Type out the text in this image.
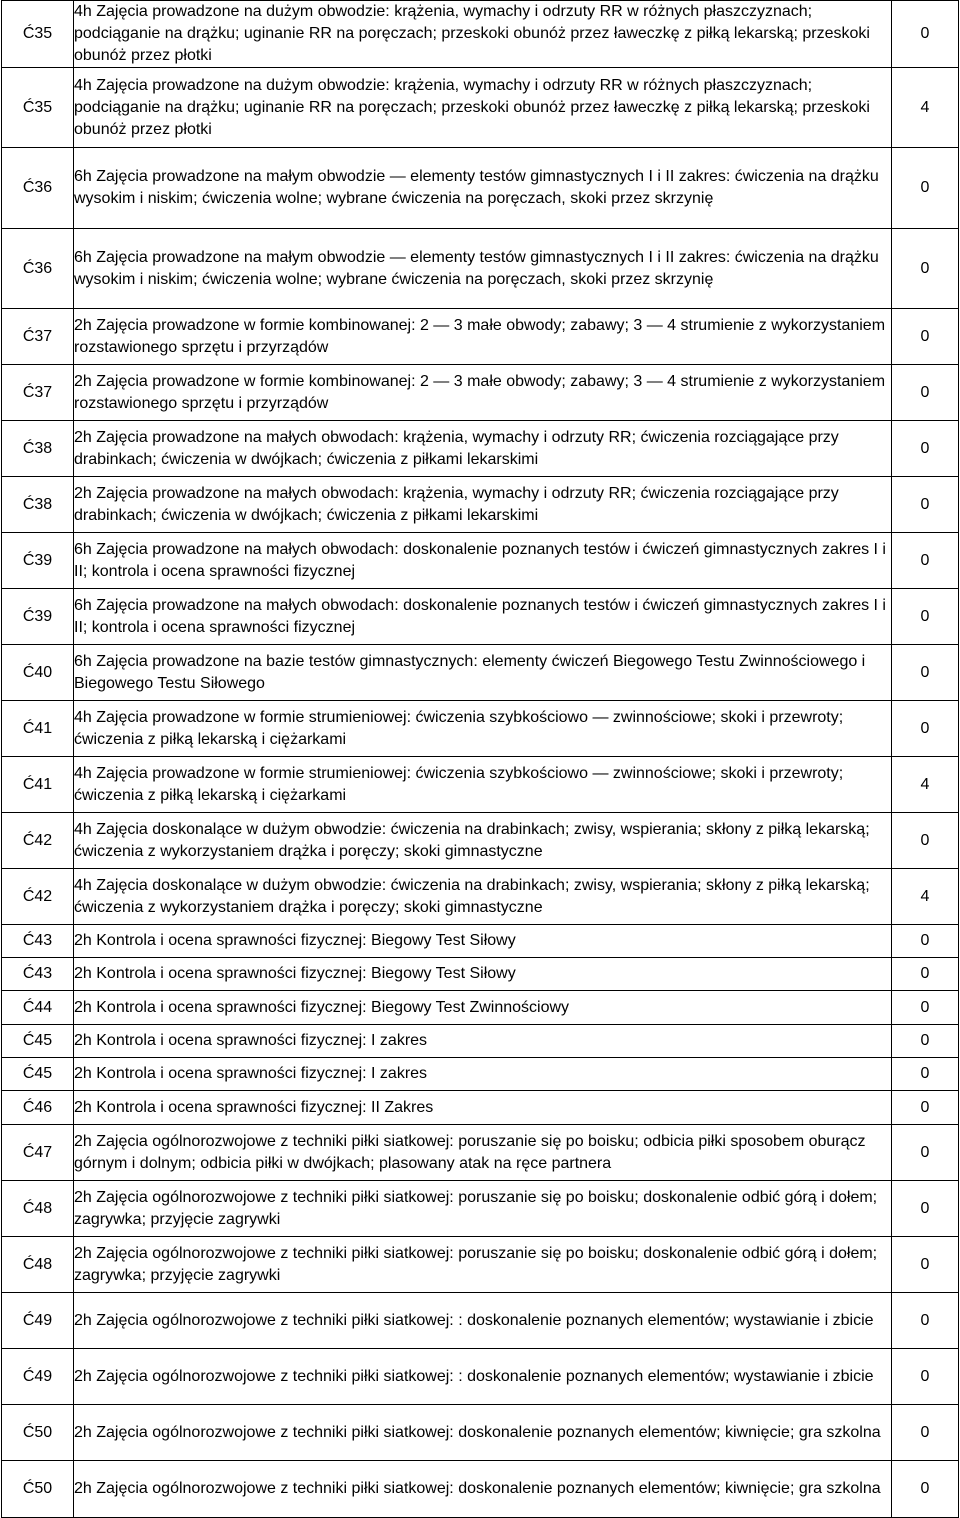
Ć35	4h Zajęcia prowadzone na dużym obwodzie: krążenia, wymachy i odrzuty RR w różnych płaszczyznach; podciąganie na drążku; uginanie RR na poręczach; przeskoki obunóż przez ławeczkę z piłką lekarską; przeskoki obunóż przez płotki	0
Ć35	4h Zajęcia prowadzone na dużym obwodzie: krążenia, wymachy i odrzuty RR w różnych płaszczyznach; podciąganie na drążku; uginanie RR na poręczach; przeskoki obunóż przez ławeczkę z piłką lekarską; przeskoki obunóż przez płotki	4
Ć36	6h Zajęcia prowadzone na małym obwodzie — elementy testów gimnastycznych I i II zakres: ćwiczenia na drążku wysokim i niskim; ćwiczenia wolne; wybrane ćwiczenia na poręczach, skoki przez skrzynię	0
Ć36	6h Zajęcia prowadzone na małym obwodzie — elementy testów gimnastycznych I i II zakres: ćwiczenia na drążku wysokim i niskim; ćwiczenia wolne; wybrane ćwiczenia na poręczach, skoki przez skrzynię	0
Ć37	2h Zajęcia prowadzone w formie kombinowanej: 2 — 3 małe obwody; zabawy; 3 — 4 strumienie z wykorzystaniem rozstawionego sprzętu i przyrządów	0
Ć37	2h Zajęcia prowadzone w formie kombinowanej: 2 — 3 małe obwody; zabawy; 3 — 4 strumienie z wykorzystaniem rozstawionego sprzętu i przyrządów	0
Ć38	2h Zajęcia prowadzone na małych obwodach: krążenia, wymachy i odrzuty RR; ćwiczenia rozciągające przy drabinkach; ćwiczenia w dwójkach; ćwiczenia z piłkami lekarskimi	0
Ć38	2h Zajęcia prowadzone na małych obwodach: krążenia, wymachy i odrzuty RR; ćwiczenia rozciągające przy drabinkach; ćwiczenia w dwójkach; ćwiczenia z piłkami lekarskimi	0
Ć39	6h Zajęcia prowadzone na małych obwodach: doskonalenie poznanych testów i ćwiczeń gimnastycznych zakres I i II; kontrola i ocena sprawności fizycznej	0
Ć39	6h Zajęcia prowadzone na małych obwodach: doskonalenie poznanych testów i ćwiczeń gimnastycznych zakres I i II; kontrola i ocena sprawności fizycznej	0
Ć40	6h Zajęcia prowadzone na bazie testów gimnastycznych: elementy ćwiczeń Biegowego Testu Zwinnościowego i Biegowego Testu Siłowego	0
Ć41	4h Zajęcia prowadzone w formie strumieniowej: ćwiczenia szybkościowo — zwinnościowe; skoki i przewroty; ćwiczenia z piłką lekarską i ciężarkami	0
Ć41	4h Zajęcia prowadzone w formie strumieniowej: ćwiczenia szybkościowo — zwinnościowe; skoki i przewroty; ćwiczenia z piłką lekarską i ciężarkami	4
Ć42	4h Zajęcia doskonalące w dużym obwodzie: ćwiczenia na drabinkach; zwisy, wspierania; skłony z piłką lekarską; ćwiczenia z wykorzystaniem drążka i poręczy; skoki gimnastyczne	0
Ć42	4h Zajęcia doskonalące w dużym obwodzie: ćwiczenia na drabinkach; zwisy, wspierania; skłony z piłką lekarską; ćwiczenia z wykorzystaniem drążka i poręczy; skoki gimnastyczne	4
Ć43	2h Kontrola i ocena sprawności fizycznej: Biegowy Test Siłowy	0
Ć43	2h Kontrola i ocena sprawności fizycznej: Biegowy Test Siłowy	0
Ć44	2h Kontrola i ocena sprawności fizycznej: Biegowy Test Zwinnościowy	0
Ć45	2h Kontrola i ocena sprawności fizycznej: I zakres	0
Ć45	2h Kontrola i ocena sprawności fizycznej: I zakres	0
Ć46	2h Kontrola i ocena sprawności fizycznej: II Zakres	0
Ć47	2h Zajęcia ogólnorozwojowe z techniki piłki siatkowej: poruszanie się po boisku; odbicia piłki sposobem oburącz górnym i dolnym; odbicia piłki w dwójkach; plasowany atak na ręce partnera	0
Ć48	2h Zajęcia ogólnorozwojowe z techniki piłki siatkowej: poruszanie się po boisku; doskonalenie odbić górą i dołem; zagrywka; przyjęcie zagrywki	0
Ć48	2h Zajęcia ogólnorozwojowe z techniki piłki siatkowej: poruszanie się po boisku; doskonalenie odbić górą i dołem; zagrywka; przyjęcie zagrywki	0
Ć49	2h Zajęcia ogólnorozwojowe z techniki piłki siatkowej: : doskonalenie poznanych elementów; wystawianie i zbicie	0
Ć49	2h Zajęcia ogólnorozwojowe z techniki piłki siatkowej: : doskonalenie poznanych elementów; wystawianie i zbicie	0
Ć50	2h Zajęcia ogólnorozwojowe z techniki piłki siatkowej: doskonalenie poznanych elementów; kiwnięcie; gra szkolna	0
Ć50	2h Zajęcia ogólnorozwojowe z techniki piłki siatkowej: doskonalenie poznanych elementów; kiwnięcie; gra szkolna	0
